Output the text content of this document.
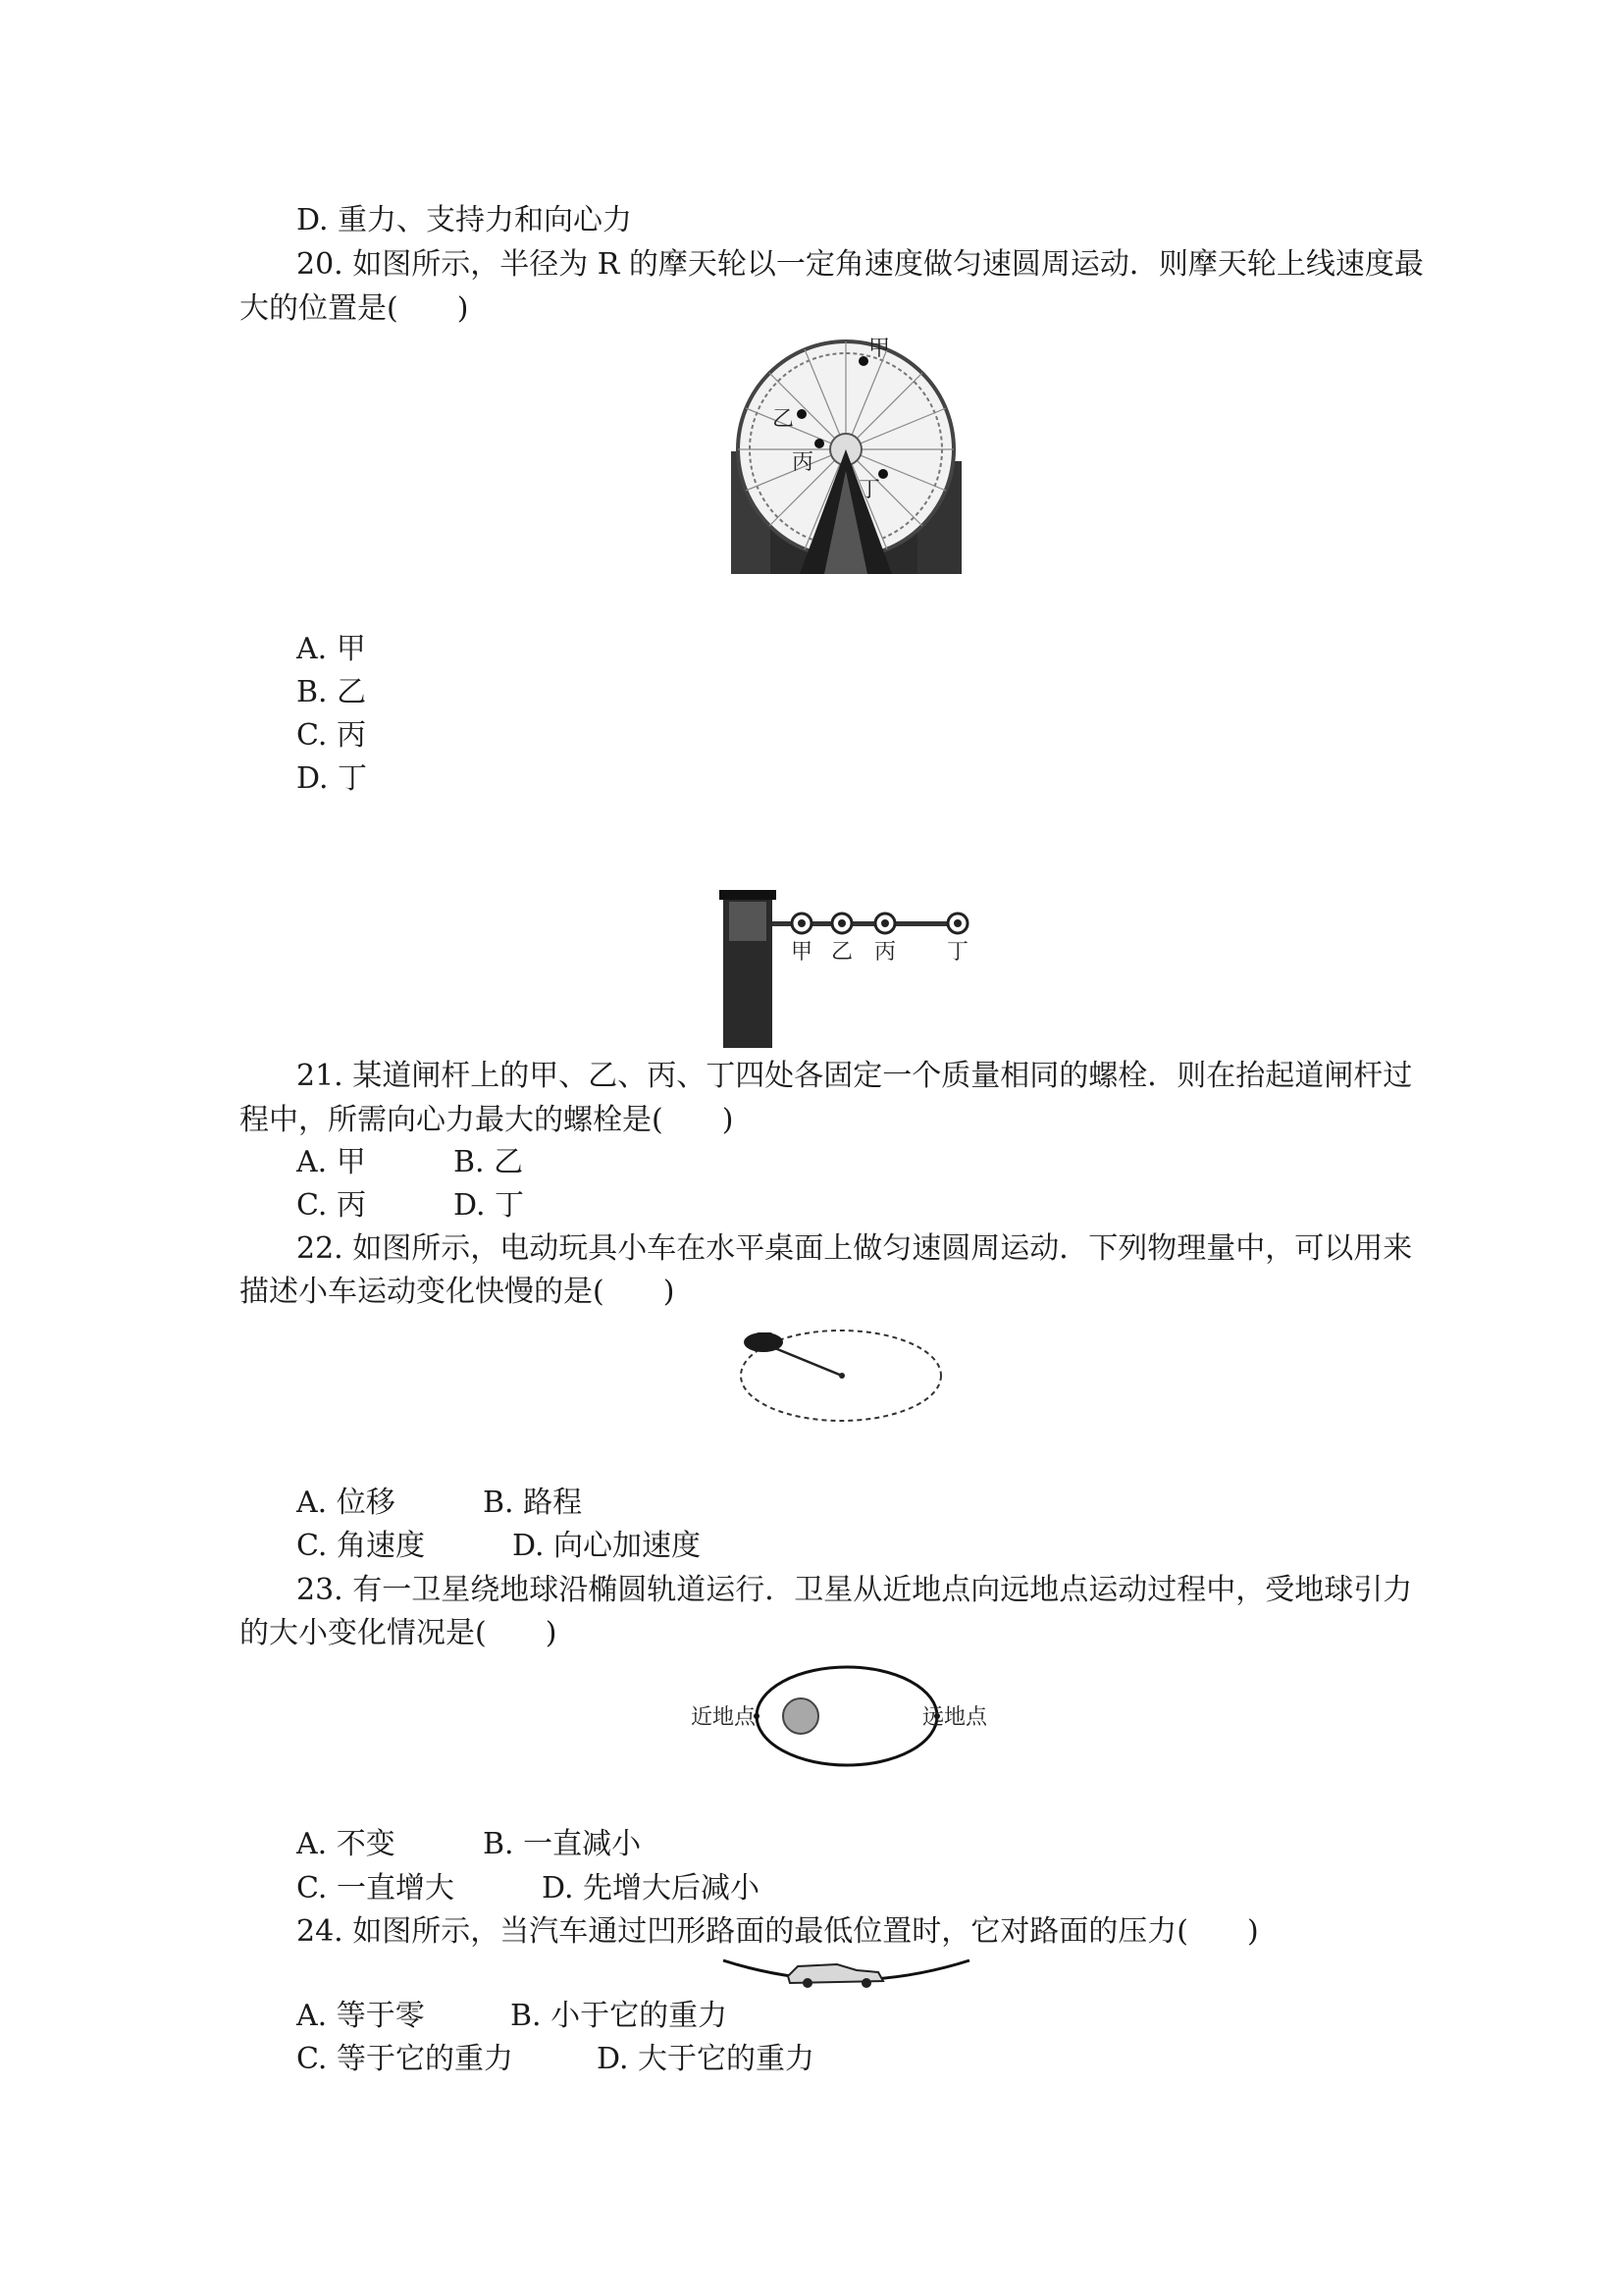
D. 重力、支持力和向心力
20. 如图所示，半径为 R 的摩天轮以一定角速度做匀速圆周运动．则摩天轮上线速度最
大的位置是(　　)
甲
乙
丙
丁
A. 甲
B. 乙
C. 丙
D. 丁
甲 乙 丙 丁
21. 某道闸杆上的甲、乙、丙、丁四处各固定一个质量相同的螺栓．则在抬起道闸杆过
程中，所需向心力最大的螺栓是(　　)
A. 甲	B. 乙
C. 丙	D. 丁
22. 如图所示，电动玩具小车在水平桌面上做匀速圆周运动．下列物理量中，可以用来
描述小车运动变化快慢的是(　　)
A. 位移	B. 路程
C. 角速度	D. 向心加速度
23. 有一卫星绕地球沿椭圆轨道运行．卫星从近地点向远地点运动过程中，受地球引力
的大小变化情况是(　　)
近地点	远地点
A. 不变	B. 一直减小
C. 一直增大	D. 先增大后减小
24. 如图所示，当汽车通过凹形路面的最低位置时，它对路面的压力(　　)
A. 等于零	B. 小于它的重力
C. 等于它的重力	D. 大于它的重力
